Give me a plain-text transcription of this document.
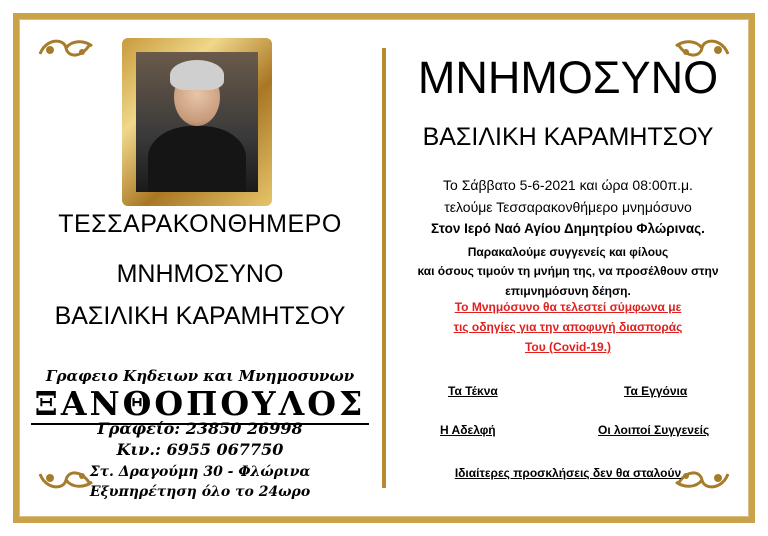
ΤΕΣΣΑΡΑΚΟΝΘΗΜΕΡΟ
ΜΝΗΜΟΣΥΝΟ
ΒΑΣΙΛΙΚΗ ΚΑΡΑΜΗΤΣΟΥ
Γραφειο Κηδειων και Μνημοσυνων
ΞΑΝΘΟΠΟΥΛΟΣ
Γραφείο: 23850 26998
Κιν.: 6955 067750
Στ. Δραγούμη 30 - Φλώρινα
Εξυπηρέτηση όλο το 24ωρο
ΜΝΗΜΟΣΥΝΟ
ΒΑΣΙΛΙΚΗ ΚΑΡΑΜΗΤΣΟΥ
Το Σάββατο 5-6-2021 και ώρα 08:00π.μ.
τελούμε Τεσσαρακονθήμερο μνημόσυνο
Στον Ιερό Ναό Αγίου Δημητρίου Φλώρινας.
Παρακαλούμε συγγενείς και φίλους
και όσους τιμούν τη μνήμη της, να προσέλθουν στην
επιμνημόσυνη δέηση.
Το Μνημόσυνο θα τελεστεί σύμφωνα με
τις οδηγίες για την αποφυγή διασποράς
Του (Covid-19.)
Τα Τέκνα	Τα Εγγόνια
Η Αδελφή	Οι λοιποί Συγγενείς
Ιδιαίτερες προσκλήσεις δεν θα σταλούν
